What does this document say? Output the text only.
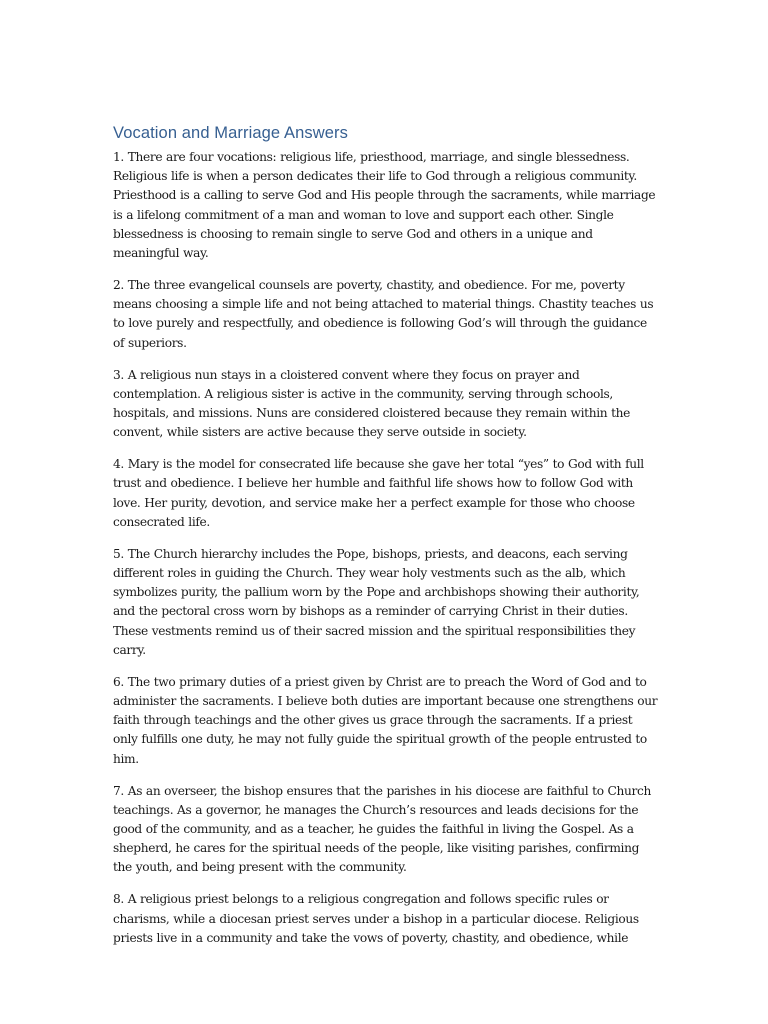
Vocation and Marriage Answers

1. There are four vocations: religious life, priesthood, marriage, and single blessedness. Religious life is when a person dedicates their life to God through a religious community. Priesthood is a calling to serve God and His people through the sacraments, while marriage is a lifelong commitment of a man and woman to love and support each other. Single blessedness is choosing to remain single to serve God and others in a unique and meaningful way.

2. The three evangelical counsels are poverty, chastity, and obedience. For me, poverty means choosing a simple life and not being attached to material things. Chastity teaches us to love purely and respectfully, and obedience is following God’s will through the guidance of superiors.

3. A religious nun stays in a cloistered convent where they focus on prayer and contemplation. A religious sister is active in the community, serving through schools, hospitals, and missions. Nuns are considered cloistered because they remain within the convent, while sisters are active because they serve outside in society.

4. Mary is the model for consecrated life because she gave her total “yes” to God with full trust and obedience. I believe her humble and faithful life shows how to follow God with love. Her purity, devotion, and service make her a perfect example for those who choose consecrated life.

5. The Church hierarchy includes the Pope, bishops, priests, and deacons, each serving different roles in guiding the Church. They wear holy vestments such as the alb, which symbolizes purity, the pallium worn by the Pope and archbishops showing their authority, and the pectoral cross worn by bishops as a reminder of carrying Christ in their duties. These vestments remind us of their sacred mission and the spiritual responsibilities they carry.

6. The two primary duties of a priest given by Christ are to preach the Word of God and to administer the sacraments. I believe both duties are important because one strengthens our faith through teachings and the other gives us grace through the sacraments. If a priest only fulfills one duty, he may not fully guide the spiritual growth of the people entrusted to him.

7. As an overseer, the bishop ensures that the parishes in his diocese are faithful to Church teachings. As a governor, he manages the Church’s resources and leads decisions for the good of the community, and as a teacher, he guides the faithful in living the Gospel. As a shepherd, he cares for the spiritual needs of the people, like visiting parishes, confirming the youth, and being present with the community.

8. A religious priest belongs to a religious congregation and follows specific rules or charisms, while a diocesan priest serves under a bishop in a particular diocese. Religious priests live in a community and take the vows of poverty, chastity, and obedience, while
